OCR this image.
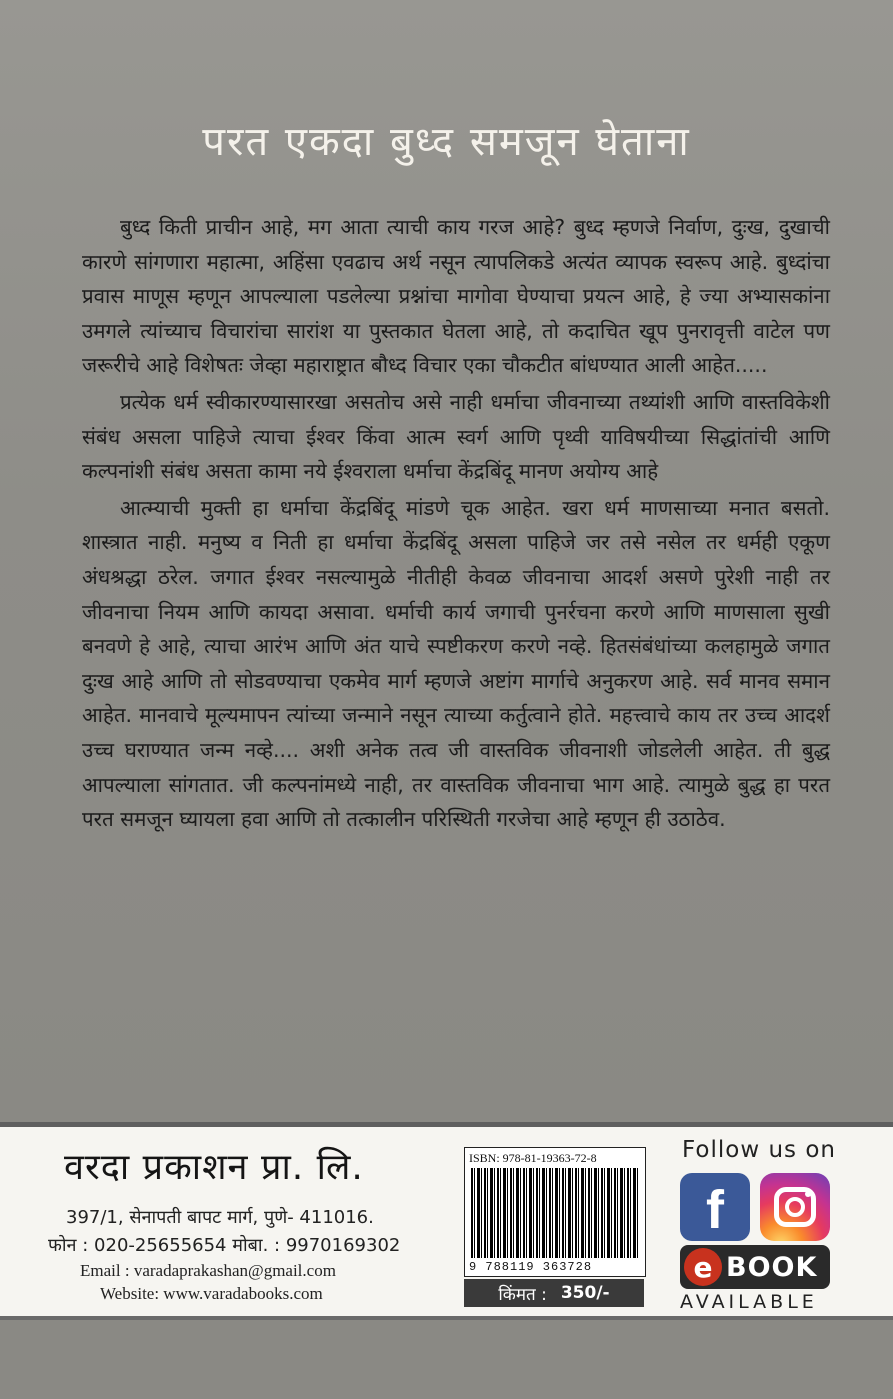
परत एकदा बुध्द समजून घेताना

बुध्द किती प्राचीन आहे, मग आता त्याची काय गरज आहे? बुध्द म्हणजे निर्वाण, दुःख, दुखाची कारणे सांगणारा महात्मा, अहिंसा एवढाच अर्थ नसून त्यापलिकडे अत्यंत व्यापक स्वरूप आहे. बुध्दांचा प्रवास माणूस म्हणून आपल्याला पडलेल्या प्रश्नांचा मागोवा घेण्याचा प्रयत्न आहे, हे ज्या अभ्यासकांना उमगले त्यांच्याच विचारांचा सारांश या पुस्तकात घेतला आहे, तो कदाचित खूप पुनरावृत्ती वाटेल पण जरूरीचे आहे विशेषतः जेव्हा महाराष्ट्रात बौध्द विचार एका चौकटीत बांधण्यात आली आहेत.....

प्रत्येक धर्म स्वीकारण्यासारखा असतोच असे नाही धर्माचा जीवनाच्या तथ्यांशी आणि वास्तविकेशी संबंध असला पाहिजे त्याचा ईश्वर किंवा आत्म स्वर्ग आणि पृथ्वी याविषयीच्या सिद्धांतांची आणि कल्पनांशी संबंध असता कामा नये ईश्वराला धर्माचा केंद्रबिंदू मानण अयोग्य आहे

आत्म्याची मुक्ती हा धर्माचा केंद्रबिंदू मांडणे चूक आहेत. खरा धर्म माणसाच्या मनात बसतो. शास्त्रात नाही. मनुष्य व निती हा धर्माचा केंद्रबिंदू असला पाहिजे जर तसे नसेल तर धर्मही एकूण अंधश्रद्धा ठरेल. जगात ईश्वर नसल्यामुळे नीतीही केवळ जीवनाचा आदर्श असणे पुरेशी नाही तर जीवनाचा नियम आणि कायदा असावा. धर्माची कार्य जगाची पुनर्रचना करणे आणि माणसाला सुखी बनवणे हे आहे, त्याचा आरंभ आणि अंत याचे स्पष्टीकरण करणे नव्हे. हितसंबंधांच्या कलहामुळे जगात दुःख आहे आणि तो सोडवण्याचा एकमेव मार्ग म्हणजे अष्टांग मार्गाचे अनुकरण आहे. सर्व मानव समान आहेत. मानवाचे मूल्यमापन त्यांच्या जन्माने नसून त्याच्या कर्तुत्वाने होते. महत्त्वाचे काय तर उच्च आदर्श उच्च घराण्यात जन्म नव्हे.... अशी अनेक तत्व जी वास्तविक जीवनाशी जोडलेली आहेत. ती बुद्ध आपल्याला सांगतात. जी कल्पनांमध्ये नाही, तर वास्तविक जीवनाचा भाग आहे. त्यामुळे बुद्ध हा परत परत समजून घ्यायला हवा आणि तो तत्कालीन परिस्थिती गरजेचा आहे म्हणून ही उठाठेव.

वरदा प्रकाशन प्रा. लि.
397/1, सेनापती बापट मार्ग, पुणे- 411016.
फोन : 020-25655654 मोबा. : 9970169302
Email : varadaprakashan@gmail.com
Website: www.varadabooks.com
ISBN: 978-81-19363-72-8
9 788119 363728
किंमत : 350/-
Follow us on
f
e BOOK
AVAILABLE
